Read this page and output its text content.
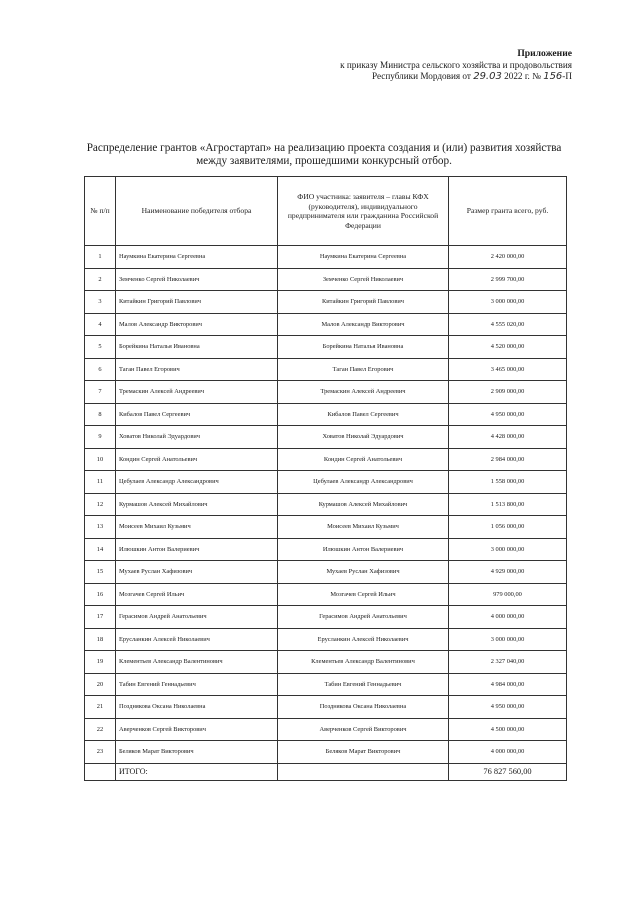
Приложение
к приказу Министра сельского хозяйства и продовольствия
Республики Мордовия от 29.03 2022 г. № 156-П
Распределение грантов «Агростартап» на реализацию проекта создания и (или) развития хозяйства
между заявителями, прошедшими конкурсный отбор.
№ п/п	Наименование победителя отбора	ФИО участника: заявителя – главы КФХ (руководителя), индивидуального предпринимателя или гражданина Российской Федерации	Размер гранта всего, руб.
1	Наумкина Екатерина Сергеевна	Наумкина Екатерина Сергеевна	2 420 000,00
2	Земченко Сергей Николаевич	Земченко Сергей Николаевич	2 999 700,00
3	Китайкин Григорий Павлович	Китайкин Григорий Павлович	3 000 000,00
4	Малов Александр Викторович	Малов Александр Викторович	4 555 020,00
5	Борейкина Наталья Ивановна	Борейкина Наталья Ивановна	4 520 000,00
6	Таган Павел Егорович	Таган Павел Егорович	3 465 000,00
7	Тремаскин Алексей Андреевич	Тремаскин Алексей Андреевич	2 909 000,00
8	Кибалов Павел Сергеевич	Кибалов Павел Сергеевич	4 950 000,00
9	Ховатов Николай Эдуардович	Ховатов Николай Эдуардович	4 428 000,00
10	Кондин Сергей Анатольевич	Кондин Сергей Анатольевич	2 984 000,00
11	Цебулаев Александр Александрович	Цебулаев Александр Александрович	1 558 000,00
12	Курмашов Алексей Михайлович	Курмашов Алексей Михайлович	1 513 800,00
13	Моисеев Михаил Кузьмич	Моисеев Михаил Кузьмич	1 056 000,00
14	Илюшкин Антон Валериевич	Илюшкин Антон Валериевич	3 000 000,00
15	Мухаев Руслан Хафизович	Мухаев Руслан Хафизович	4 929 000,00
16	Мозгачев Сергей Ильич	Мозгачев Сергей Ильич	979 000,00
17	Герасимов Андрей Анатольевич	Герасимов Андрей Анатольевич	4 000 000,00
18	Ерусланкин Алексей Николаевич	Ерусланкин Алексей Николаевич	3 000 000,00
19	Клементьев Александр Валентинович	Клементьев Александр Валентинович	2 327 040,00
20	Табин Евгений Геннадьевич	Табин Евгений Геннадьевич	4 984 000,00
21	Позднякова Оксана Николаевна	Позднякова Оксана Николаевна	4 950 000,00
22	Аверченков Сергей Викторович	Аверченков Сергей Викторович	4 500 000,00
23	Беляков Марат Викторович	Беляков Марат Викторович	4 000 000,00
	ИТОГО:		76 827 560,00
